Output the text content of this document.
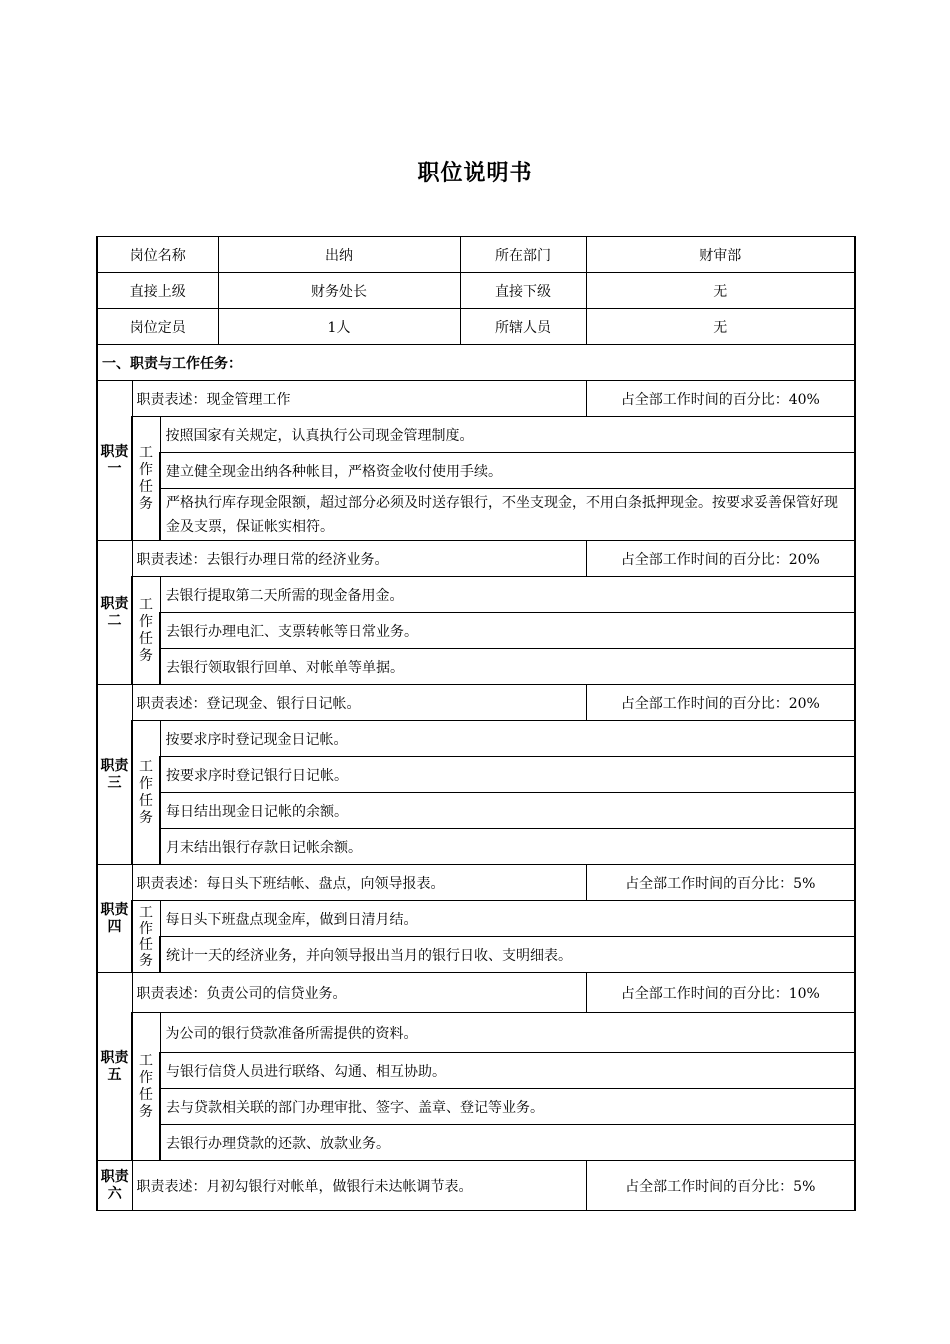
职位说明书
岗位名称			出纳	所在部门	财审部
直接上级			财务处长	直接下级	无
岗位定员			1人	所辖人员	无
一、职责与工作任务：					
职责一	职责表述：现金管理工作				占全部工作时间的百分比：40%
	工作任务	按照国家有关规定，认真执行公司现金管理制度。			
		建立健全现金出纳各种帐目，严格资金收付使用手续。			
		严格执行库存现金限额，超过部分必须及时送存银行，不坐支现金，不用白条抵押现金。按要求妥善保管好现金及支票，保证帐实相符。			
职责二	职责表述：去银行办理日常的经济业务。				占全部工作时间的百分比：20%
	工作任务	去银行提取第二天所需的现金备用金。			
		去银行办理电汇、支票转帐等日常业务。			
		去银行领取银行回单、对帐单等单据。			
职责三	职责表述：登记现金、银行日记帐。				占全部工作时间的百分比：20%
	工作任务	按要求序时登记现金日记帐。			
		按要求序时登记银行日记帐。			
		每日结出现金日记帐的余额。			
		月末结出银行存款日记帐余额。			
职责四	职责表述：每日头下班结帐、盘点，向领导报表。				占全部工作时间的百分比：5%
	工作任务	每日头下班盘点现金库，做到日清月结。			
		统计一天的经济业务，并向领导报出当月的银行日收、支明细表。			
职责五	职责表述：负责公司的信贷业务。				占全部工作时间的百分比：10%
	工作任务	为公司的银行贷款准备所需提供的资料。			
		与银行信贷人员进行联络、勾通、相互协助。			
		去与贷款相关联的部门办理审批、签字、盖章、登记等业务。			
		去银行办理贷款的还款、放款业务。			
职责六	职责表述：月初勾银行对帐单，做银行未达帐调节表。				占全部工作时间的百分比：5%
